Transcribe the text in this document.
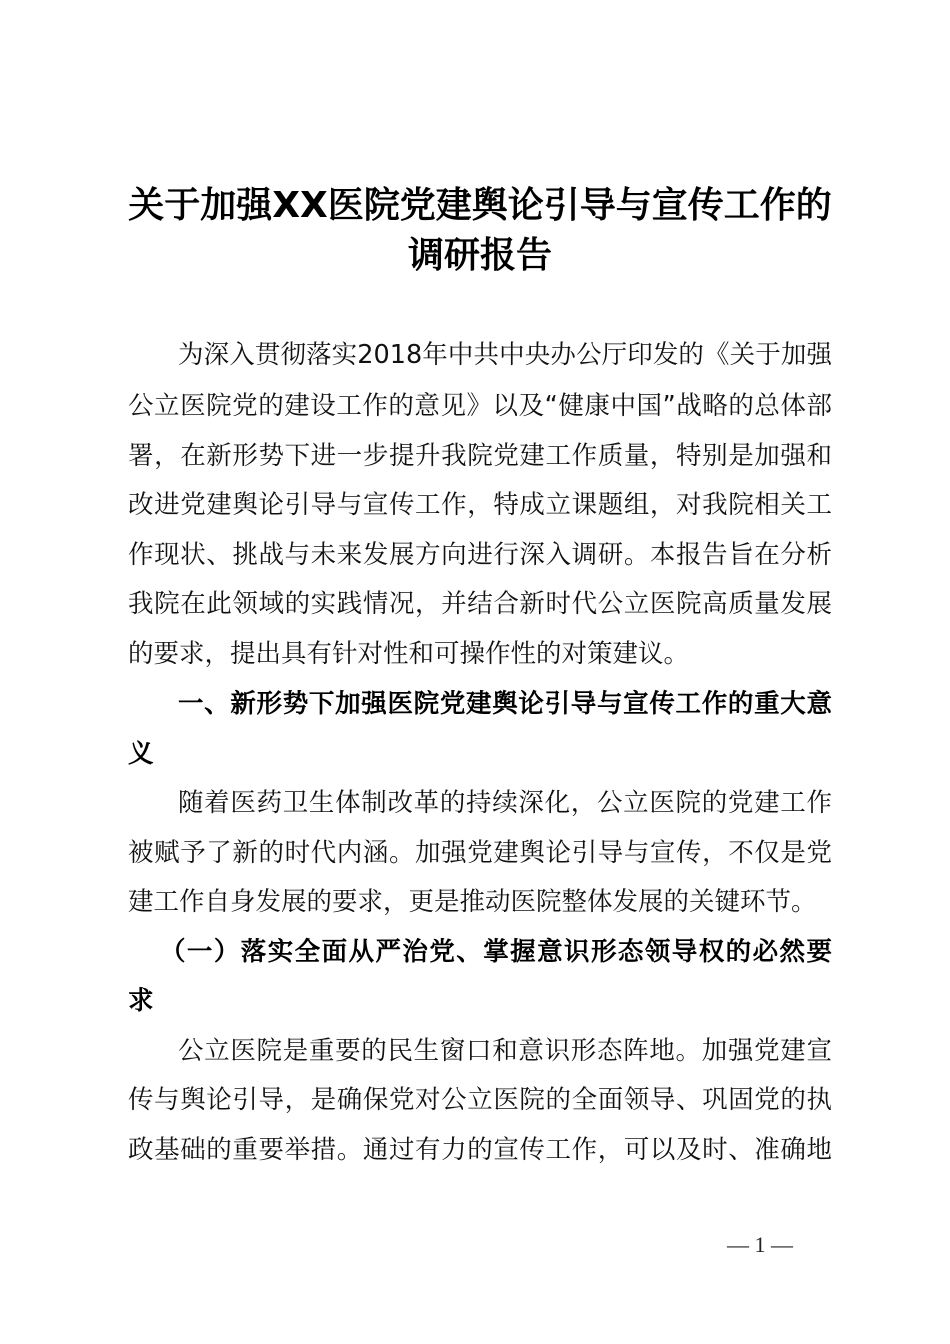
关于加强XX医院党建舆论引导与宣传工作的
调研报告
为深入贯彻落实2018年中共中央办公厅印发的《关于加强
公立医院党的建设工作的意见》以及“健康中国”战略的总体部
署，在新形势下进一步提升我院党建工作质量，特别是加强和
改进党建舆论引导与宣传工作，特成立课题组，对我院相关工
作现状、挑战与未来发展方向进行深入调研。本报告旨在分析
我院在此领域的实践情况，并结合新时代公立医院高质量发展
的要求，提出具有针对性和可操作性的对策建议。
一、新形势下加强医院党建舆论引导与宣传工作的重大意
义
随着医药卫生体制改革的持续深化，公立医院的党建工作
被赋予了新的时代内涵。加强党建舆论引导与宣传，不仅是党
建工作自身发展的要求，更是推动医院整体发展的关键环节。
（一）落实全面从严治党、掌握意识形态领导权的必然要
求
公立医院是重要的民生窗口和意识形态阵地。加强党建宣
传与舆论引导，是确保党对公立医院的全面领导、巩固党的执
政基础的重要举措。通过有力的宣传工作，可以及时、准确地
— 1 —
